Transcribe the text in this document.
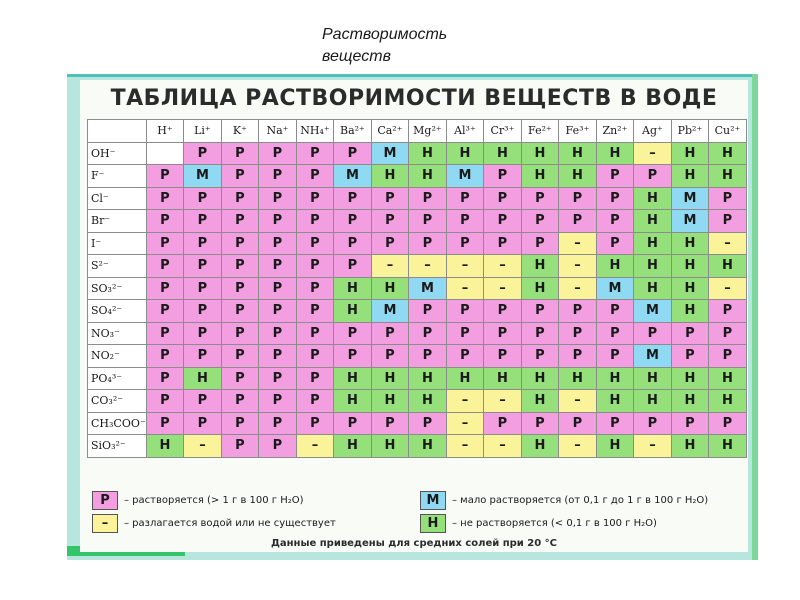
Растворимость веществ
ТАБЛИЦА РАСТВОРИМОСТИ ВЕЩЕСТВ В ВОДЕ
	H⁺	Li⁺	K⁺	Na⁺	NH₄⁺	Ba²⁺	Ca²⁺	Mg²⁺	Al³⁺	Cr³⁺	Fe²⁺	Fe³⁺	Zn²⁺	Ag⁺	Pb²⁺	Cu²⁺
OH⁻		Р	Р	Р	Р	Р	М	Н	Н	Н	Н	Н	Н	–	Н	Н
F⁻	Р	М	Р	Р	Р	М	Н	Н	М	Р	Н	Н	Р	Р	Н	Н
Cl⁻	Р	Р	Р	Р	Р	Р	Р	Р	Р	Р	Р	Р	Р	Н	М	Р
Br⁻	Р	Р	Р	Р	Р	Р	Р	Р	Р	Р	Р	Р	Р	Н	М	Р
I⁻	Р	Р	Р	Р	Р	Р	Р	Р	Р	Р	Р	–	Р	Н	Н	–
S²⁻	Р	Р	Р	Р	Р	Р	–	–	–	–	Н	–	Н	Н	Н	Н
SO₃²⁻	Р	Р	Р	Р	Р	Н	Н	М	–	–	Н	–	М	Н	Н	–
SO₄²⁻	Р	Р	Р	Р	Р	Н	М	Р	Р	Р	Р	Р	Р	М	Н	Р
NO₃⁻	Р	Р	Р	Р	Р	Р	Р	Р	Р	Р	Р	Р	Р	Р	Р	Р
NO₂⁻	Р	Р	Р	Р	Р	Р	Р	Р	Р	Р	Р	Р	Р	М	Р	Р
PO₄³⁻	Р	Н	Р	Р	Р	Н	Н	Н	Н	Н	Н	Н	Н	Н	Н	Н
CO₃²⁻	Р	Р	Р	Р	Р	Н	Н	Н	–	–	Н	–	Н	Н	Н	Н
CH₃COO⁻	Р	Р	Р	Р	Р	Р	Р	Р	–	Р	Р	Р	Р	Р	Р	Р
SiO₃²⁻	Н	–	Р	Р	–	Н	Н	Н	–	–	Н	–	Н	–	Н	Н
Р	– растворяется (> 1 г в 100 г H₂O)	М	– мало растворяется (от 0,1 г до 1 г в 100 г H₂O)
–	– разлагается водой или не существует	Н	– не растворяется (< 0,1 г в 100 г H₂O)
Данные приведены для средних солей при 20 °C
